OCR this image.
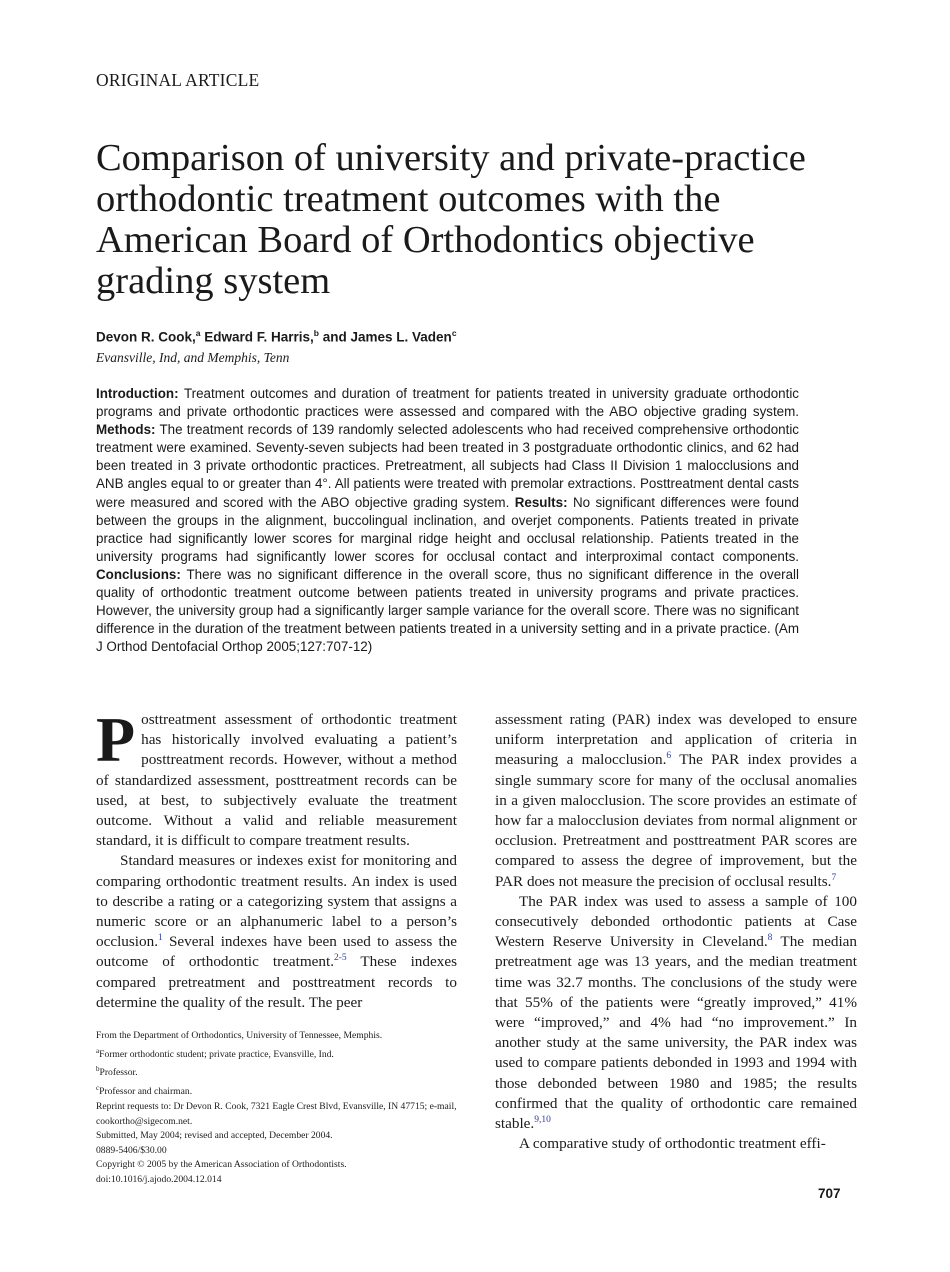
ORIGINAL ARTICLE
Comparison of university and private-practice orthodontic treatment outcomes with the American Board of Orthodontics objective grading system
Devon R. Cook,$^a$ Edward F. Harris,$^b$ and James L. Vaden$^c$
Evansville, Ind, and Memphis, Tenn

Introduction: Treatment outcomes and duration of treatment for patients treated in university graduate orthodontic programs and private orthodontic practices were assessed and compared with the ABO objective grading system. Methods: The treatment records of 139 randomly selected adolescents who had received comprehensive orthodontic treatment were examined. Seventy-seven subjects had been treated in 3 postgraduate orthodontic clinics, and 62 had been treated in 3 private orthodontic practices. Pretreatment, all subjects had Class II Division 1 malocclusions and ANB angles equal to or greater than 4°. All patients were treated with premolar extractions. Posttreatment dental casts were measured and scored with the ABO objective grading system. Results: No significant differences were found between the groups in the alignment, buccolingual inclination, and overjet components. Patients treated in private practice had significantly lower scores for marginal ridge height and occlusal relationship. Patients treated in the university programs had significantly lower scores for occlusal contact and interproximal contact components. Conclusions: There was no significant difference in the overall score, thus no significant difference in the overall quality of orthodontic treatment outcome between patients treated in university programs and private practices. However, the university group had a significantly larger sample variance for the overall score. There was no significant difference in the duration of the treatment between patients treated in a university setting and in a private practice. (Am J Orthod Dentofacial Orthop 2005;127:707-12)

Posttreatment assessment of orthodontic treatment has historically involved evaluating a patient’s posttreatment records. However, without a method of standardized assessment, posttreatment records can be used, at best, to subjectively evaluate the treatment outcome. Without a valid and reliable measurement standard, it is difficult to compare treatment results.

Standard measures or indexes exist for monitoring and comparing orthodontic treatment results. An index is used to describe a rating or a categorizing system that assigns a numeric score or an alphanumeric label to a person’s occlusion.$^1$ Several indexes have been used to assess the outcome of orthodontic treatment.$^{2-5}$ These indexes compared pretreatment and posttreatment records to determine the quality of the result. The peer

assessment rating (PAR) index was developed to ensure uniform interpretation and application of criteria in measuring a malocclusion.$^6$ The PAR index provides a single summary score for many of the occlusal anomalies in a given malocclusion. The score provides an estimate of how far a malocclusion deviates from normal alignment or occlusion. Pretreatment and posttreatment PAR scores are compared to assess the degree of improvement, but the PAR does not measure the precision of occlusal results.$^7$

The PAR index was used to assess a sample of 100 consecutively debonded orthodontic patients at Case Western Reserve University in Cleveland.$^8$ The median pretreatment age was 13 years, and the median treatment time was 32.7 months. The conclusions of the study were that 55% of the patients were “greatly improved,” 41% were “improved,” and 4% had “no improvement.” In another study at the same university, the PAR index was used to compare patients debonded in 1993 and 1994 with those debonded between 1980 and 1985; the results confirmed that the quality of orthodontic care remained stable.$^{9,10}$

A comparative study of orthodontic treatment effi-

From the Department of Orthodontics, University of Tennessee, Memphis.
$^a$Former orthodontic student; private practice, Evansville, Ind.
$^b$Professor.
$^c$Professor and chairman.
Reprint requests to: Dr Devon R. Cook, 7321 Eagle Crest Blvd, Evansville, IN 47715; e-mail, cookortho@sigecom.net.
Submitted, May 2004; revised and accepted, December 2004.
0889-5406/$30.00
Copyright © 2005 by the American Association of Orthodontists.
doi:10.1016/j.ajodo.2004.12.014
707
